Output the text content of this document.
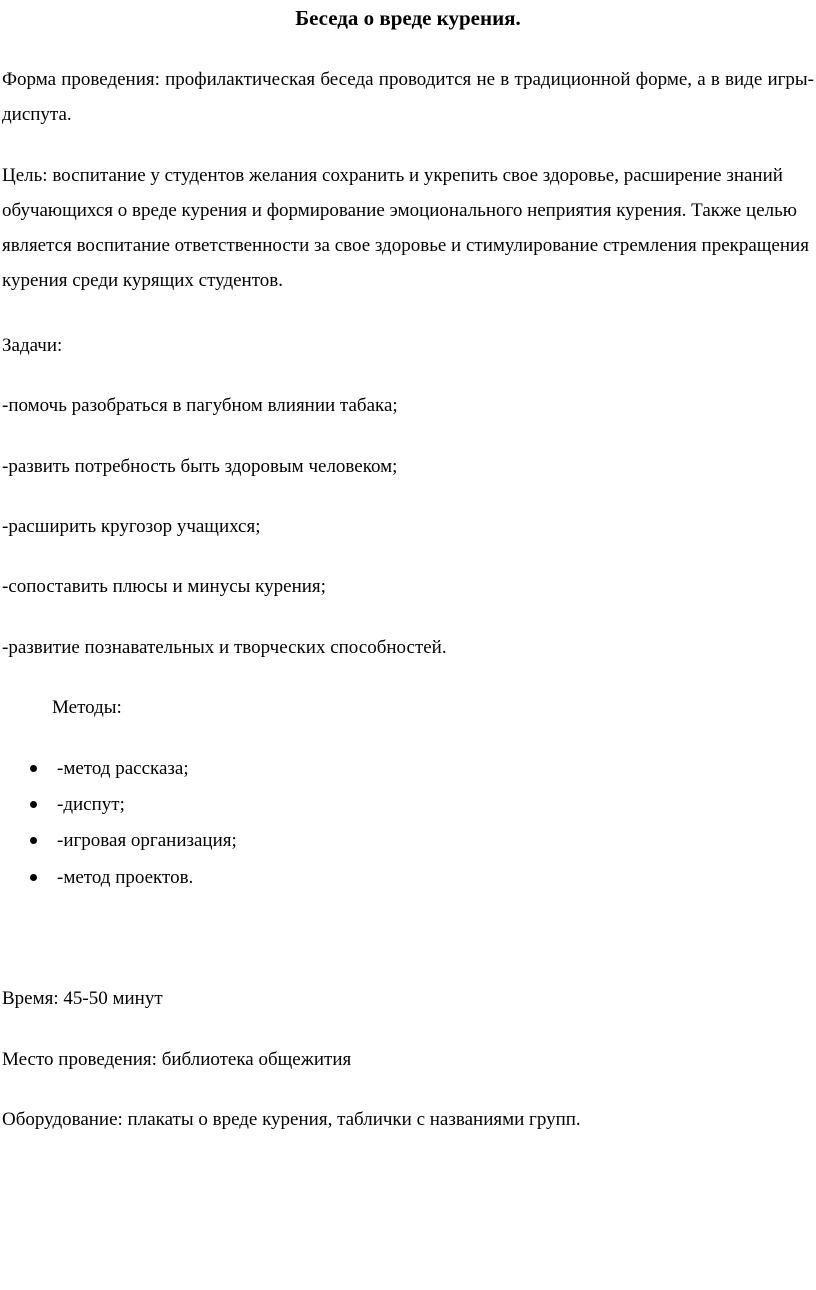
Беседа о вреде курения.
Форма проведения: профилактическая беседа проводится не в традиционной форме, а в виде игры-диспута.
Цель: воспитание у студентов желания сохранить и укрепить свое здоровье, расширение знаний обучающихся о вреде курения и формирование эмоционального неприятия курения. Также целью является воспитание ответственности за свое здоровье и стимулирование стремления прекращения курения среди курящих студентов.
Задачи:
-помочь разобраться в пагубном влиянии табака;
-развить потребность быть здоровым человеком;
-расширить кругозор учащихся;
-сопоставить плюсы и минусы курения;
-развитие познавательных и творческих способностей.
Методы:
-метод рассказа;
-диспут;
-игровая организация;
-метод проектов.
Время: 45-50 минут
Место проведения: библиотека общежития
Оборудование: плакаты о вреде курения, таблички с названиями групп.
